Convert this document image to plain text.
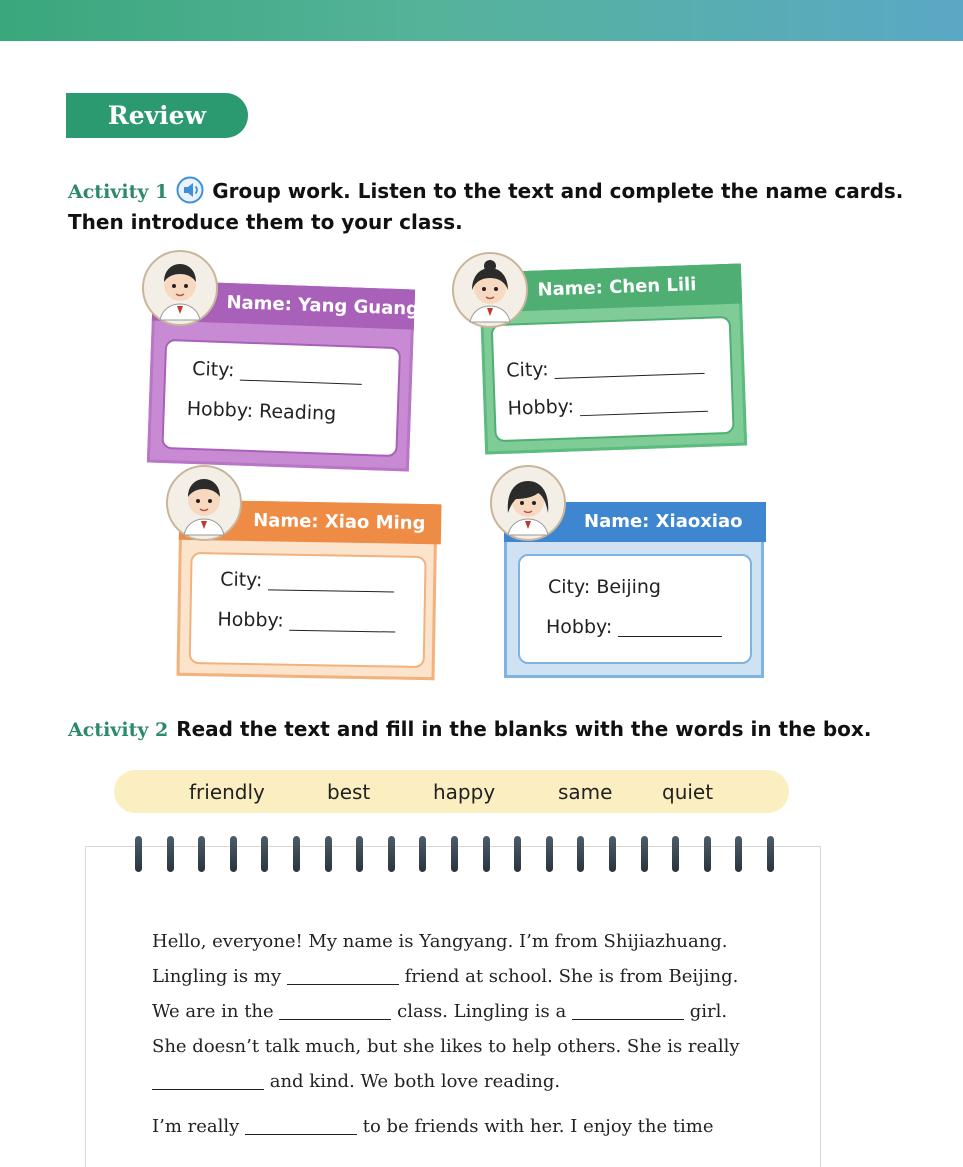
Review
Activity 1 Group work. Listen to the text and complete the name cards.
Then introduce them to your class.
Name: Yang Guang
City:
Hobby: Reading
Name: Chen Lili
City:
Hobby:
Name: Xiao Ming
City:
Hobby:
Name: Xiaoxiao
City: Beijing
Hobby:
Activity 2 Read the text and fill in the blanks with the words in the box.
friendly	best	happy	same quiet
Hello, everyone! My name is Yangyang. I’m from Shijiazhuang.
Lingling is my	friend at school. She is from Beijing.
We are in the	class. Lingling is a	girl.
She doesn’t talk much, but she likes to help others. She is really
and kind. We both love reading.
I’m really	to be friends with her. I enjoy the time
